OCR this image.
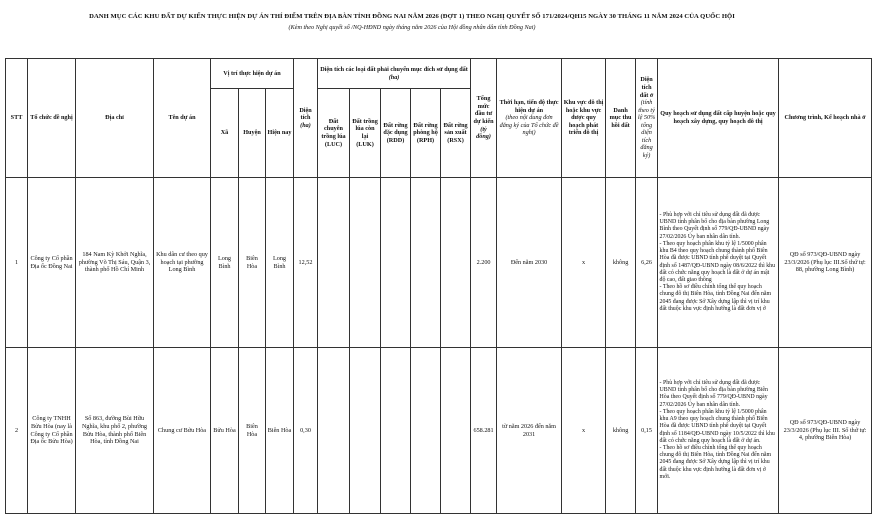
DANH MỤC CÁC KHU ĐẤT DỰ KIẾN THỰC HIỆN DỰ ÁN THÍ ĐIỂM TRÊN ĐỊA BÀN TỈNH ĐỒNG NAI NĂM 2026 (ĐỢT 1) THEO NGHỊ QUYẾT SỐ 171/2024/QH15 NGÀY 30 THÁNG 11 NĂM 2024 CỦA QUỐC HỘI
(Kèm theo Nghị quyết số /NQ-HĐND ngày tháng năm 2026 của Hội đồng nhân dân tỉnh Đồng Nai)
STT	Tổ chức đề nghị	Địa chỉ	Tên dự án	Vị trí thực hiện dự án			Diện tích
(ha)	Diện tích các loại đất phải chuyển mục đích sử dụng đất (ha)					Tổng mức đầu tư dự kiến
(tỷ đồng)	Thời hạn, tiến độ thực hiện dự án
(theo nội dung đơn đăng ký của Tổ chức đề nghị)	Khu vực đô thị hoặc khu vực được quy hoạch phát triển đô thị	Danh mục thu hồi đất	Diện tích đất ở
(tính theo tỷ lệ 50% tổng diện tích đăng ký)	Quy hoạch sử dụng đất cấp huyện hoặc quy hoạch xây dựng, quy hoạch đô thị	Chương trình, Kế hoạch nhà ở
				Xã	Huyện	Hiện nay		Đất chuyên trồng lúa
(LUC)	Đất trồng lúa còn lại
(LUK)	Đất rừng đặc dụng
(RDD)	Đất rừng phòng hộ
(RPH)	Đất rừng sản xuất
(RSX)							
1	Công ty Cổ phần Địa ốc Đồng Nai	184 Nam Kỳ Khởi Nghĩa, phường Võ Thị Sáu, Quận 3, thành phố Hồ Chí Minh	Khu dân cư theo quy hoạch tại phường Long Bình	Long Bình	Biên Hòa	Long Bình	12,52						2.200	Đến năm 2030	x	không	6,26	- Phù hợp với chỉ tiêu sử dụng đất đã được UBND tỉnh phân bổ cho địa bàn phường Long Bình theo Quyết định số 779/QĐ-UBND ngày 27/02/2026 Ủy ban nhân dân tỉnh.

- Theo quy hoạch phân khu tỷ lệ 1/5000 phân khu B4 theo quy hoạch chung thành phố Biên Hòa đã được UBND tỉnh phê duyệt tại Quyết định số 1487/QĐ-UBND ngày 08/6/2022 thì khu đất có chức năng quy hoạch là đất ở dự án mật độ cao, đất giao thông

- Theo hồ sơ điều chỉnh tổng thể quy hoạch chung đô thị Biên Hòa, tỉnh Đồng Nai đến năm 2045 đang được Sở Xây dựng lập thì vị trí khu đất thuộc khu vực định hướng là đất đơn vị ở	QĐ số 973/QĐ-UBND ngày 23/3/2026 (Phụ lục III.Số thứ tự: 88, phường Long Bình)
2	Công ty TNHH Bửu Hòa (nay là Công ty Cổ phần Địa ốc Bửu Hòa)	Số 863, đường Bùi Hữu Nghĩa, khu phố 2, phường Bửu Hòa, thành phố Biên Hòa, tỉnh Đồng Nai	Chung cư Bửu Hòa	Bửu Hòa	Biên Hòa	Biên Hòa	0,30						658.281	từ năm 2026 đến năm 2031	x	không	0,15	- Phù hợp với chỉ tiêu sử dụng đất đã được UBND tỉnh phân bổ cho địa bàn phường Biên Hòa theo Quyết định số 779/QĐ-UBND ngày 27/02/2026 Ủy ban nhân dân tỉnh.

- Theo quy hoạch phân khu tỷ lệ 1/5000 phân khu A9 theo quy hoạch chung thành phố Biên Hòa đã được UBND tỉnh phê duyệt tại Quyết định số 1184/QĐ-UBND ngày 10/5/2022 thì khu đất có chức năng quy hoạch là đất ở dự án.

- Theo hồ sơ điều chỉnh tổng thể quy hoạch chung đô thị Biên Hòa, tỉnh Đồng Nai đến năm 2045 đang được Sở Xây dựng lập thì vị trí khu đất thuộc khu vực định hướng là đất đơn vị ở mới.	QĐ số 973/QĐ-UBND ngày 23/3/2026 (Phụ lục III. Số thứ tự: 4, phường Biên Hòa)
